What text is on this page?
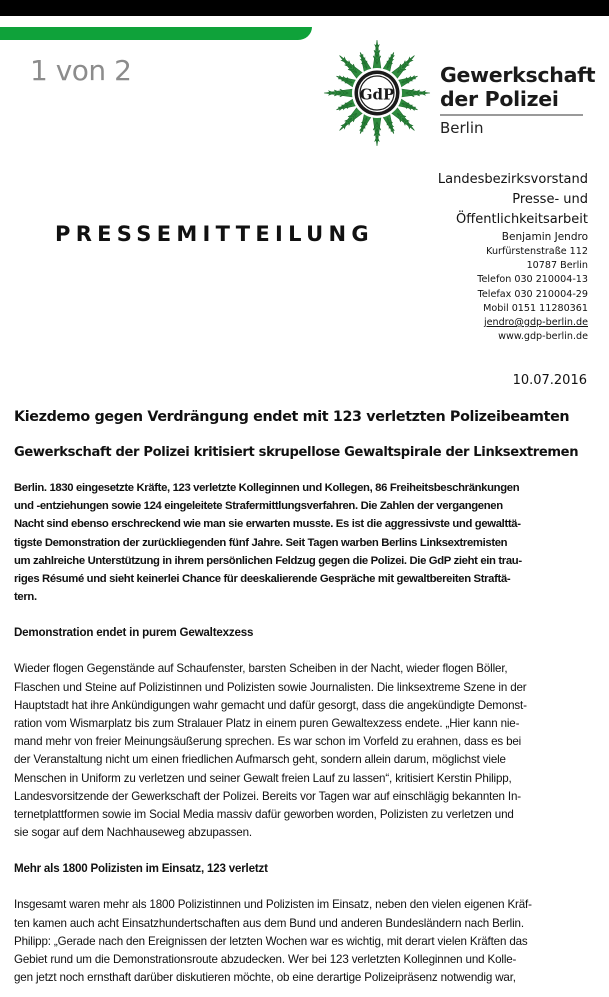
1 von 2
GdP
Gewerkschaft
der Polizei
Berlin
PRESSEMITTEILUNG
Landesbezirksvorstand
Presse- und
Öffentlichkeitsarbeit
Benjamin Jendro
Kurfürstenstraße 112
10787 Berlin
Telefon 030 210004-13
Telefax 030 210004-29
Mobil 0151 11280361
jendro@gdp-berlin.de
www.gdp-berlin.de
10.07.2016
Kiezdemo gegen Verdrängung endet mit 123 verletzten Polizeibeamten
Gewerkschaft der Polizei kritisiert skrupellose Gewaltspirale der Linksextremen
Berlin. 1830 eingesetzte Kräfte, 123 verletzte Kolleginnen und Kollegen, 86 Freiheitsbeschränkungen
und -entziehungen sowie 124 eingeleitete Strafermittlungsverfahren. Die Zahlen der vergangenen
Nacht sind ebenso erschreckend wie man sie erwarten musste. Es ist die aggressivste und gewalttä-
tigste Demonstration der zurückliegenden fünf Jahre. Seit Tagen warben Berlins Linksextremisten
um zahlreiche Unterstützung in ihrem persönlichen Feldzug gegen die Polizei. Die GdP zieht ein trau-
riges Résumé und sieht keinerlei Chance für deeskalierende Gespräche mit gewaltbereiten Straftä-
tern.
Demonstration endet in purem Gewaltexzess
Wieder flogen Gegenstände auf Schaufenster, barsten Scheiben in der Nacht, wieder flogen Böller,
Flaschen und Steine auf Polizistinnen und Polizisten sowie Journalisten. Die linksextreme Szene in der
Hauptstadt hat ihre Ankündigungen wahr gemacht und dafür gesorgt, dass die angekündigte Demonst-
ration vom Wismarplatz bis zum Stralauer Platz in einem puren Gewaltexzess endete. „Hier kann nie-
mand mehr von freier Meinungsäußerung sprechen. Es war schon im Vorfeld zu erahnen, dass es bei
der Veranstaltung nicht um einen friedlichen Aufmarsch geht, sondern allein darum, möglichst viele
Menschen in Uniform zu verletzen und seiner Gewalt freien Lauf zu lassen“, kritisiert Kerstin Philipp,
Landesvorsitzende der Gewerkschaft der Polizei. Bereits vor Tagen war auf einschlägig bekannten In-
ternetplattformen sowie im Social Media massiv dafür geworben worden, Polizisten zu verletzen und
sie sogar auf dem Nachhauseweg abzupassen.
Mehr als 1800 Polizisten im Einsatz, 123 verletzt
Insgesamt waren mehr als 1800 Polizistinnen und Polizisten im Einsatz, neben den vielen eigenen Kräf-
ten kamen auch acht Einsatzhundertschaften aus dem Bund und anderen Bundesländern nach Berlin.
Philipp: „Gerade nach den Ereignissen der letzten Wochen war es wichtig, mit derart vielen Kräften das
Gebiet rund um die Demonstrationsroute abzudecken. Wer bei 123 verletzten Kolleginnen und Kolle-
gen jetzt noch ernsthaft darüber diskutieren möchte, ob eine derartige Polizeipräsenz notwendig war,
